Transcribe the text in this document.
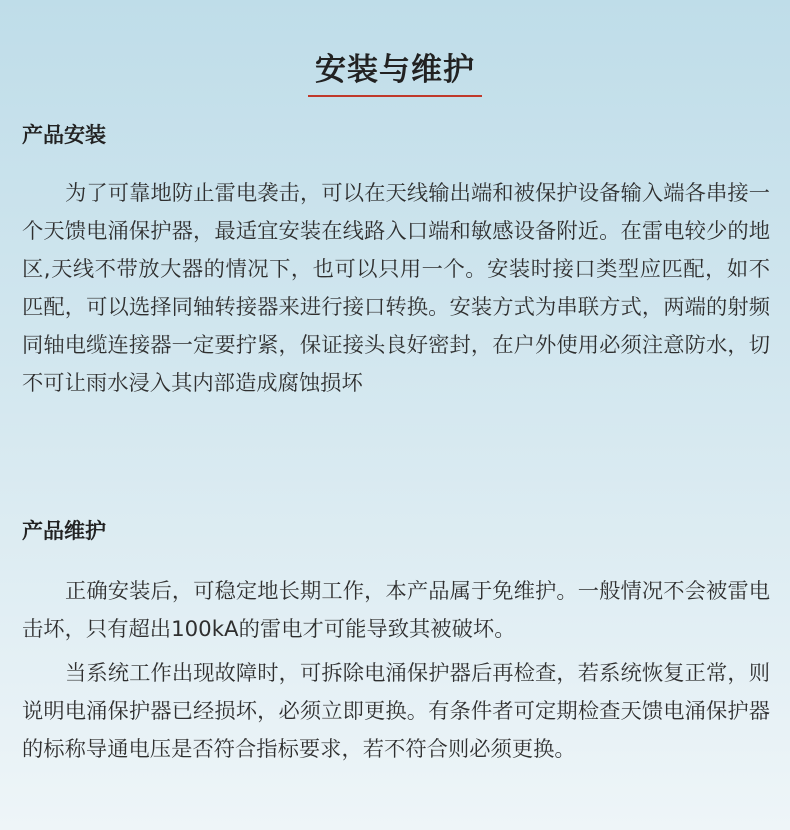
安装与维护
产品安装

为了可靠地防止雷电袭击，可以在天线输出端和被保护设备输入端各串接一个天馈电涌保护器，最适宜安装在线路入口端和敏感设备附近。在雷电较少的地区,天线不带放大器的情况下，也可以只用一个。安装时接口类型应匹配，如不匹配，可以选择同轴转接器来进行接口转换。安装方式为串联方式，两端的射频同轴电缆连接器一定要拧紧，保证接头良好密封，在户外使用必须注意防水，切不可让雨水浸入其内部造成腐蚀损坏

产品维护

正确安装后，可稳定地长期工作，本产品属于免维护。一般情况不会被雷电击坏，只有超出100kA的雷电才可能导致其被破坏。

当系统工作出现故障时，可拆除电涌保护器后再检查，若系统恢复正常，则说明电涌保护器已经损坏，必须立即更换。有条件者可定期检查天馈电涌保护器的标称导通电压是否符合指标要求，若不符合则必须更换。
